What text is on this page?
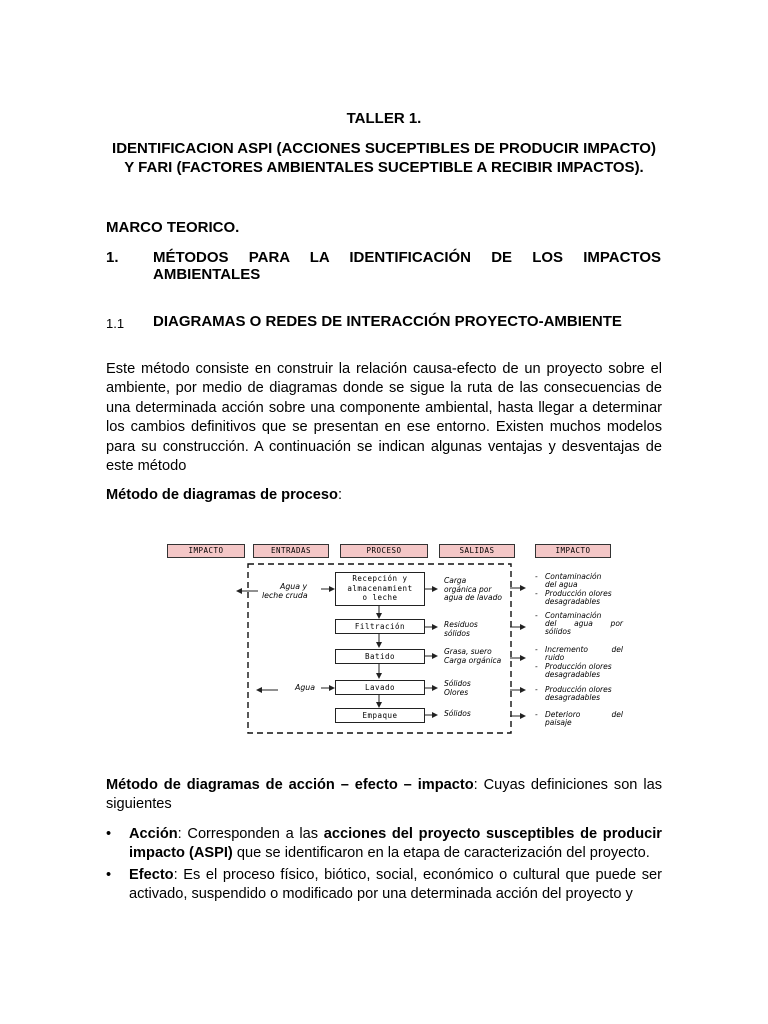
TALLER 1.
IDENTIFICACION ASPI (ACCIONES SUCEPTIBLES DE PRODUCIR IMPACTO)
Y FARI (FACTORES AMBIENTALES SUCEPTIBLE A RECIBIR IMPACTOS).
MARCO TEORICO.
1. MÉTODOS PARA LA IDENTIFICACIÓN DE LOS IMPACTOS
AMBIENTALES
1.1 DIAGRAMAS O REDES DE INTERACCIÓN PROYECTO-AMBIENTE
Este método consiste en construir la relación causa-efecto de un proyecto sobre el
ambiente, por medio de diagramas donde se sigue la ruta de las consecuencias de
una determinada acción sobre una componente ambiental, hasta llegar a determinar
los cambios definitivos que se presentan en ese entorno. Existen muchos modelos
para su construcción. A continuación se indican algunas ventajas y desventajas de
este método
Método de diagramas de proceso:
IMPACTO	ENTRADAS	PROCESO	SALIDAS	IMPACTO
Recepción y
almacenamient
o leche
Filtración
Batido
Lavado
Empaque
Agua y
leche cruda
Agua
Carga
orgánica por
agua de lavado
Residuos
sólidos
Grasa, suero
Carga orgánica
Sólidos
Olores
Sólidos
- Contaminación
del agua
- Producción olores
desagradables
- Contaminación
del agua por
sólidos
- Incremento del
ruido
- Producción olores
desagradables
- Producción olores
desagradables
- Deterioro del
paisaje
Método de diagramas de acción – efecto – impacto: Cuyas definiciones son las
siguientes
• Acción: Corresponden a las acciones del proyecto susceptibles de producir impacto (ASPI) que se identificaron en la etapa de caracterización del proyecto.
• Efecto: Es el proceso físico, biótico, social, económico o cultural que puede ser activado, suspendido o modificado por una determinada acción del proyecto y
